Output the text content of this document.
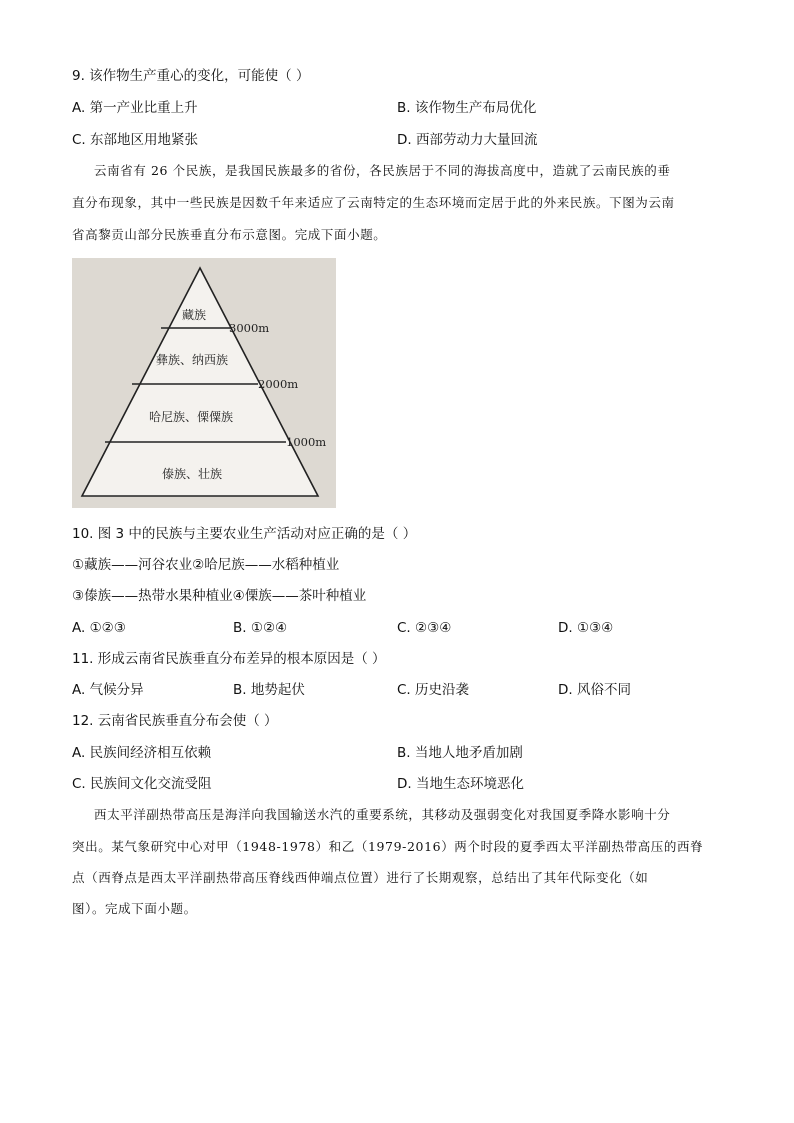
9. 该作物生产重心的变化，可能使（ ）
A. 第一产业比重上升	B. 该作物生产布局优化
C. 东部地区用地紧张	D. 西部劳动力大量回流
云南省有 26 个民族，是我国民族最多的省份，各民族居于不同的海拔高度中，造就了云南民族的垂
直分布现象，其中一些民族是因数千年来适应了云南特定的生态环境而定居于此的外来民族。下图为云南
省高黎贡山部分民族垂直分布示意图。完成下面小题。
藏族
彝族、纳西族
哈尼族、傈僳族
傣族、壮族
3000m
2000m
1000m
10. 图 3 中的民族与主要农业生产活动对应正确的是（ ）
①藏族——河谷农业②哈尼族——水稻种植业
③傣族——热带水果种植业④傈族——茶叶种植业
A. ①②③	B. ①②④	C. ②③④	D. ①③④
11. 形成云南省民族垂直分布差异的根本原因是（ ）
A. 气候分异	B. 地势起伏	C. 历史沿袭	D. 风俗不同
12. 云南省民族垂直分布会使（ ）
A. 民族间经济相互依赖	B. 当地人地矛盾加剧
C. 民族间文化交流受阻	D. 当地生态环境恶化
西太平洋副热带高压是海洋向我国输送水汽的重要系统，其移动及强弱变化对我国夏季降水影响十分
突出。某气象研究中心对甲（1948-1978）和乙（1979-2016）两个时段的夏季西太平洋副热带高压的西脊
点（西脊点是西太平洋副热带高压脊线西伸端点位置）进行了长期观察，总结出了其年代际变化（如
图）。完成下面小题。
